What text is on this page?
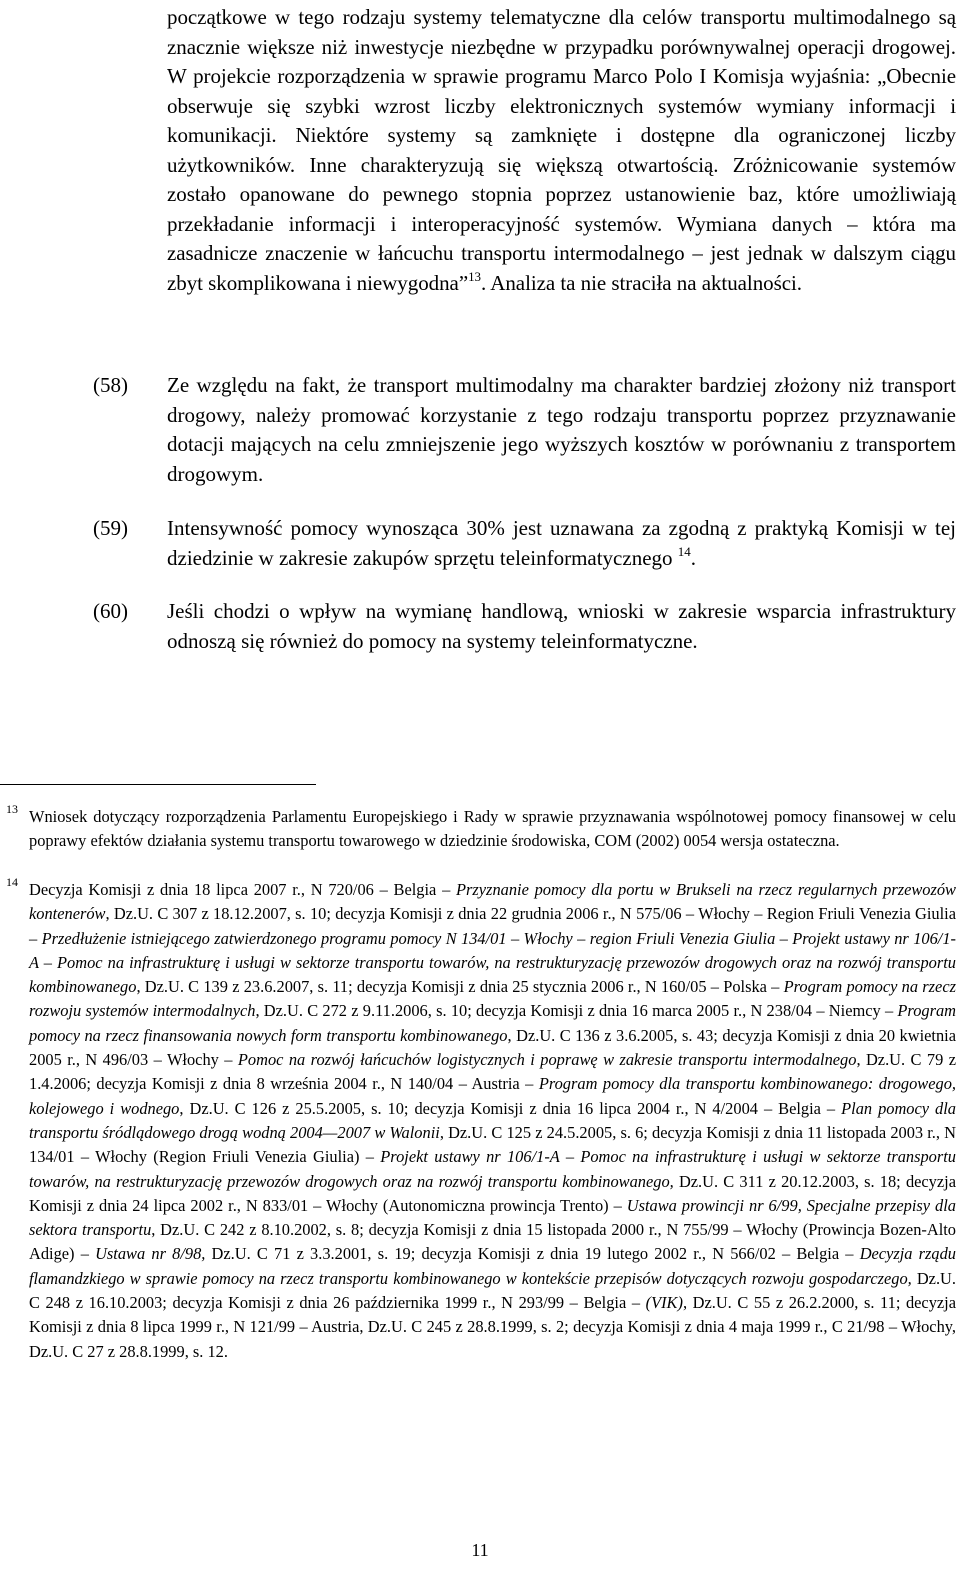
początkowe w tego rodzaju systemy telematyczne dla celów transportu multimodalnego są znacznie większe niż inwestycje niezbędne w przypadku porównywalnej operacji drogowej. W projekcie rozporządzenia w sprawie programu Marco Polo I Komisja wyjaśnia: „Obecnie obserwuje się szybki wzrost liczby elektronicznych systemów wymiany informacji i komunikacji. Niektóre systemy są zamknięte i dostępne dla ograniczonej liczby użytkowników. Inne charakteryzują się większą otwartością. Zróżnicowanie systemów zostało opanowane do pewnego stopnia poprzez ustanowienie baz, które umożliwiają przekładanie informacji i interoperacyjność systemów. Wymiana danych – która ma zasadnicze znaczenie w łańcuchu transportu intermodalnego – jest jednak w dalszym ciągu zbyt skomplikowana i niewygodna”$^{13}$. Analiza ta nie straciła na aktualności.
(58) Ze względu na fakt, że transport multimodalny ma charakter bardziej złożony niż transport drogowy, należy promować korzystanie z tego rodzaju transportu poprzez przyznawanie dotacji mających na celu zmniejszenie jego wyższych kosztów w porównaniu z transportem drogowym.
(59) Intensywność pomocy wynosząca 30% jest uznawana za zgodną z praktyką Komisji w tej dziedzinie w zakresie zakupów sprzętu teleinformatycznego $^{14}$.
(60) Jeśli chodzi o wpływ na wymianę handlową, wnioski w zakresie wsparcia infrastruktury odnoszą się również do pomocy na systemy teleinformatyczne.
13 Wniosek dotyczący rozporządzenia Parlamentu Europejskiego i Rady w sprawie przyznawania wspólnotowej pomocy finansowej w celu poprawy efektów działania systemu transportu towarowego w dziedzinie środowiska, COM (2002) 0054 wersja ostateczna.
14 Decyzja Komisji z dnia 18 lipca 2007 r., N 720/06 – Belgia – Przyznanie pomocy dla portu w Brukseli na rzecz regularnych przewozów kontenerów, Dz.U. C 307 z 18.12.2007, s. 10; decyzja Komisji z dnia 22 grudnia 2006 r., N 575/06 – Włochy – Region Friuli Venezia Giulia – Przedłużenie istniejącego zatwierdzonego programu pomocy N 134/01 – Włochy – region Friuli Venezia Giulia – Projekt ustawy nr 106/1-A – Pomoc na infrastrukturę i usługi w sektorze transportu towarów, na restrukturyzację przewozów drogowych oraz na rozwój transportu kombinowanego, Dz.U. C 139 z 23.6.2007, s. 11; decyzja Komisji z dnia 25 stycznia 2006 r., N 160/05 – Polska – Program pomocy na rzecz rozwoju systemów intermodalnych, Dz.U. C 272 z 9.11.2006, s. 10; decyzja Komisji z dnia 16 marca 2005 r., N 238/04 – Niemcy – Program pomocy na rzecz finansowania nowych form transportu kombinowanego, Dz.U. C 136 z 3.6.2005, s. 43; decyzja Komisji z dnia 20 kwietnia 2005 r., N 496/03 – Włochy – Pomoc na rozwój łańcuchów logistycznych i poprawę w zakresie transportu intermodalnego, Dz.U. C 79 z 1.4.2006; decyzja Komisji z dnia 8 września 2004 r., N 140/04 – Austria – Program pomocy dla transportu kombinowanego: drogowego, kolejowego i wodnego, Dz.U. C 126 z 25.5.2005, s. 10; decyzja Komisji z dnia 16 lipca 2004 r., N 4/2004 – Belgia – Plan pomocy dla transportu śródlądowego drogą wodną 2004—2007 w Walonii, Dz.U. C 125 z 24.5.2005, s. 6; decyzja Komisji z dnia 11 listopada 2003 r., N 134/01 – Włochy (Region Friuli Venezia Giulia) – Projekt ustawy nr 106/1-A – Pomoc na infrastrukturę i usługi w sektorze transportu towarów, na restrukturyzację przewozów drogowych oraz na rozwój transportu kombinowanego, Dz.U. C 311 z 20.12.2003, s. 18; decyzja Komisji z dnia 24 lipca 2002 r., N 833/01 – Włochy (Autonomiczna prowincja Trento) – Ustawa prowincji nr 6/99, Specjalne przepisy dla sektora transportu, Dz.U. C 242 z 8.10.2002, s. 8; decyzja Komisji z dnia 15 listopada 2000 r., N 755/99 – Włochy (Prowincja Bozen-Alto Adige) – Ustawa nr 8/98, Dz.U. C 71 z 3.3.2001, s. 19; decyzja Komisji z dnia 19 lutego 2002 r., N 566/02 – Belgia – Decyzja rządu flamandzkiego w sprawie pomocy na rzecz transportu kombinowanego w kontekście przepisów dotyczących rozwoju gospodarczego, Dz.U. C 248 z 16.10.2003; decyzja Komisji z dnia 26 października 1999 r., N 293/99 – Belgia – (VIK), Dz.U. C 55 z 26.2.2000, s. 11; decyzja Komisji z dnia 8 lipca 1999 r., N 121/99 – Austria, Dz.U. C 245 z 28.8.1999, s. 2; decyzja Komisji z dnia 4 maja 1999 r., C 21/98 – Włochy, Dz.U. C 27 z 28.8.1999, s. 12.
11
